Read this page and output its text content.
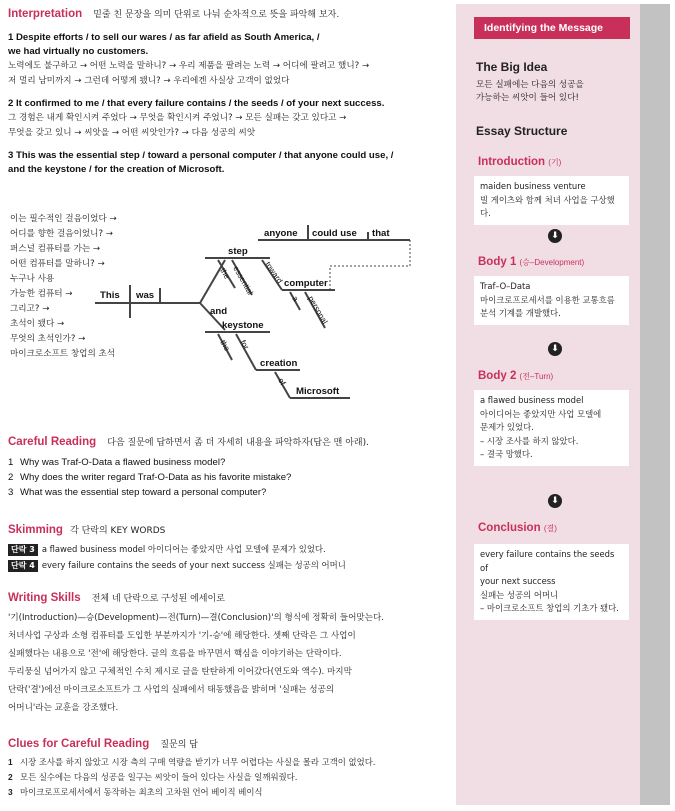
Interpretation 밑줄 친 문장을 의미 단위로 나눠 순차적으로 뜻을 파악해 보자.
1 Despite efforts / to sell our wares / as far afield as South America, /
we had virtually no customers.
노력에도 불구하고 → 어떤 노력을 말하니? → 우리 제품을 팔려는 노력 → 어디에 팔려고 했니? →
저 멀리 남미까지 → 그런데 어떻게 됐니? → 우리에겐 사실상 고객이 없었다
2 It confirmed to me / that every failure contains / the seeds / of your next success.
그 경험은 내게 확인시켜 주었다 → 무엇을 확인시켜 주었니? → 모든 실패는 갖고 있다고 →
무엇을 갖고 있니 → 씨앗을 → 어떤 씨앗인가? → 다음 성공의 씨앗
3 This was the essential step / toward a personal computer / that anyone could use, /
and the keystone / for the creation of Microsoft.
이는 필수적인 걸음이었다 →
어디를 향한 걸음이었니? →
퍼스널 컴퓨터를 가는 →
어떤 컴퓨터를 말하니? →
누구나 사용
가능한 컴퓨터 →
그리고? →
초석이 됐다 →
무엇의 초석인가? →
마이크로소프트 창업의 초석
This was
step
anyone could use that
the essential toward computer
a personal
and
keystone
the for
creation
of
Microsoft
Careful Reading 다음 질문에 답하면서 좀 더 자세히 내용을 파악하자(답은 맨 아래).
1 Why was Traf-O-Data a flawed business model?
2 Why does the writer regard Traf-O-Data as his favorite mistake?
3 What was the essential step toward a personal computer?
Skimming 각 단락의 KEY WORDS
단락 3 a flawed business model 아이디어는 좋았지만 사업 모델에 문제가 있었다.
단락 4 every failure contains the seeds of your next success 실패는 성공의 어머니
Writing Skills 전체 네 단락으로 구성된 에세이로
'기(Introduction)—승(Development)—전(Turn)—결(Conclusion)'의 형식에 정확히 들어맞는다.
처녀사업 구상과 소형 컴퓨터를 도입한 부분까지가 '기-승'에 해당한다. 셋째 단락은 그 사업이
실패했다는 내용으로 '전'에 해당한다. 글의 흐름을 바꾸면서 핵심을 이야기하는 단락이다.
두리뭉실 넘어가지 않고 구체적인 수치 제시로 글을 탄탄하게 이어갔다(연도와 액수). 마지막
단락('결')에선 마이크로소프트가 그 사업의 실패에서 태동했음을 밝히며 '실패는 성공의
어머니'라는 교훈을 강조했다.
Clues for Careful Reading 질문의 답
1 시장 조사를 하지 않았고 시장 측의 구매 역량을 받기가 너무 어렵다는 사실을 몰라 고객이 없었다.
2 모든 실수에는 다음의 성공을 일구는 씨앗이 들어 있다는 사실을 일깨워줬다.
3 마이크로프로세서에서 동작하는 최초의 고차원 언어 베이직 베이식
Identifying the Message
The Big Idea
모든 실패에는 다음의 성공을
가능하는 씨앗이 들어 있다!
Essay Structure
Introduction (기)
maiden business venture
빌 게이츠와 함께 처녀 사업을 구상했다.
⬇
Body 1 (승–Development)
Traf–O–Data
마이크로프로세서를 이용한 교통흐름
분석 기계를 개발했다.
⬇
Body 2 (전–Turn)
a flawed business model
아이디어는 좋았지만 사업 모델에
문제가 있었다.
– 시장 조사를 하지 않았다.
– 결국 망했다.
⬇
Conclusion (결)
every failure contains the seeds of
your next success
실패는 성공의 어머니
– 마이크로소프트 창업의 기초가 됐다.
